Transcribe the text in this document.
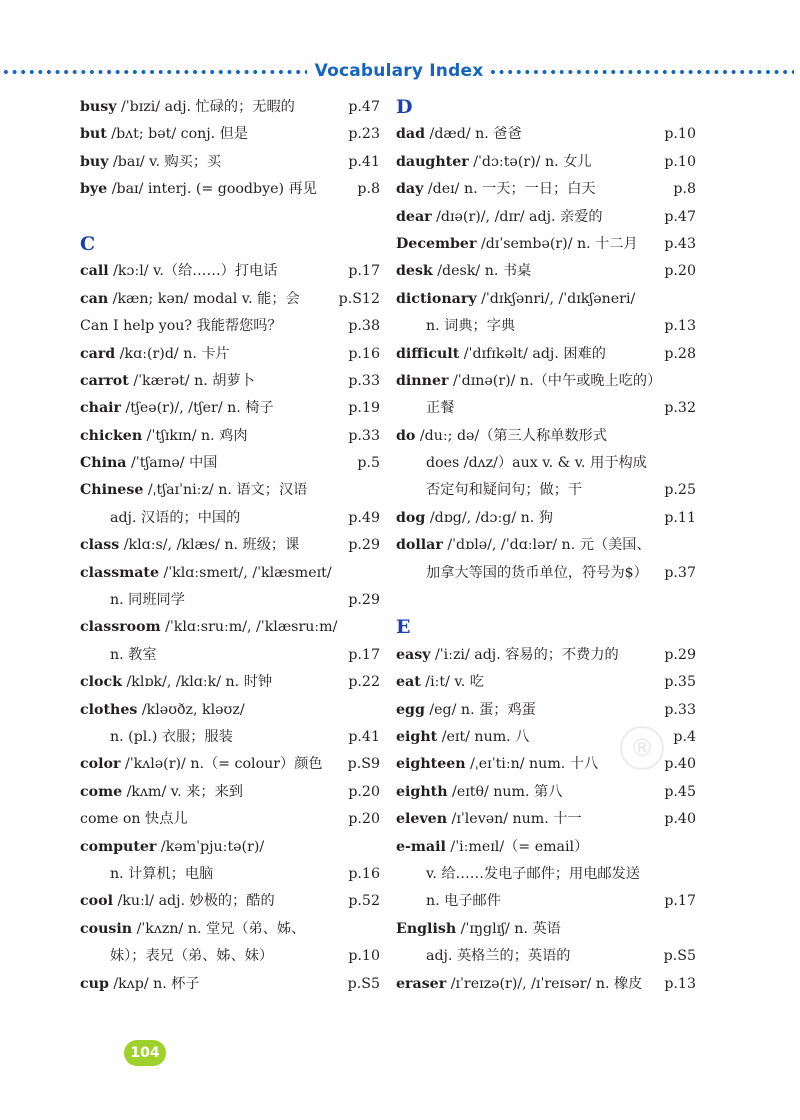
Vocabulary Index
busy /ˈbɪzi/ adj. 忙碌的；无暇的	p.47
but /bʌt; bət/ conj. 但是	p.23
buy /baɪ/ v. 购买；买	p.41
bye /baɪ/ interj. (= goodbye) 再见	p.8
C
call /kɔːl/ v.（给……）打电话	p.17
can /kæn; kən/ modal v. 能；会	p.S12
Can I help you? 我能帮您吗？	p.38
card /kɑː(r)d/ n. 卡片	p.16
carrot /ˈkærət/ n. 胡萝卜	p.33
chair /tʃeə(r)/, /tʃer/ n. 椅子	p.19
chicken /ˈtʃɪkɪn/ n. 鸡肉	p.33
China /ˈtʃaɪnə/ 中国	p.5
Chinese /ˌtʃaɪˈniːz/ n. 语文；汉语
adj. 汉语的；中国的	p.49
class /klɑːs/, /klæs/ n. 班级；课	p.29
classmate /ˈklɑːsmeɪt/, /ˈklæsmeɪt/
n. 同班同学	p.29
classroom /ˈklɑːsruːm/, /ˈklæsruːm/
n. 教室	p.17
clock /klɒk/, /klɑːk/ n. 时钟	p.22
clothes /kləʊðz, kləʊz/
n. (pl.) 衣服；服装	p.41
color /ˈkʌlə(r)/ n.（= colour）颜色 p.S9
come /kʌm/ v. 来；来到	p.20
come on 快点儿	p.20
computer /kəmˈpjuːtə(r)/
n. 计算机；电脑	p.16
cool /kuːl/ adj. 妙极的；酷的	p.52
cousin /ˈkʌzn/ n. 堂兄（弟、姊、
妹）；表兄（弟、姊、妹）	p.10
cup /kʌp/ n. 杯子	p.S5
D
dad /dæd/ n. 爸爸	p.10
daughter /ˈdɔːtə(r)/ n. 女儿	p.10
day /deɪ/ n. 一天；一日；白天	p.8
dear /dɪə(r)/, /dɪr/ adj. 亲爱的	p.47
December /dɪˈsembə(r)/ n. 十二月 p.43
desk /desk/ n. 书桌	p.20
dictionary /ˈdɪkʃənri/, /ˈdɪkʃəneri/
n. 词典；字典	p.13
difficult /ˈdɪfɪkəlt/ adj. 困难的	p.28
dinner /ˈdɪnə(r)/ n.（中午或晚上吃的）
正餐	p.32
do /duː; də/（第三人称单数形式
does /dʌz/）aux v. & v. 用于构成
否定句和疑问句；做；干	p.25
dog /dɒg/, /dɔːg/ n. 狗	p.11
dollar /ˈdɒlə/, /ˈdɑːlər/ n. 元（美国、
加拿大等国的货币单位，符号为$） p.37
E
easy /ˈiːzi/ adj. 容易的；不费力的	p.29
eat /iːt/ v. 吃	p.35
egg /eg/ n. 蛋；鸡蛋	p.33
eight /eɪt/ num. 八	p.4
eighteen /ˌeɪˈtiːn/ num. 十八	p.40
eighth /eɪtθ/ num. 第八	p.45
eleven /ɪˈlevən/ num. 十一	p.40
e-mail /ˈiːmeɪl/（= email）
v. 给……发电子邮件；用电邮发送
n. 电子邮件	p.17
English /ˈɪŋglɪʃ/ n. 英语
adj. 英格兰的；英语的	p.S5
eraser /ɪˈreɪzə(r)/, /ɪˈreɪsər/ n. 橡皮 p.13
®
104
